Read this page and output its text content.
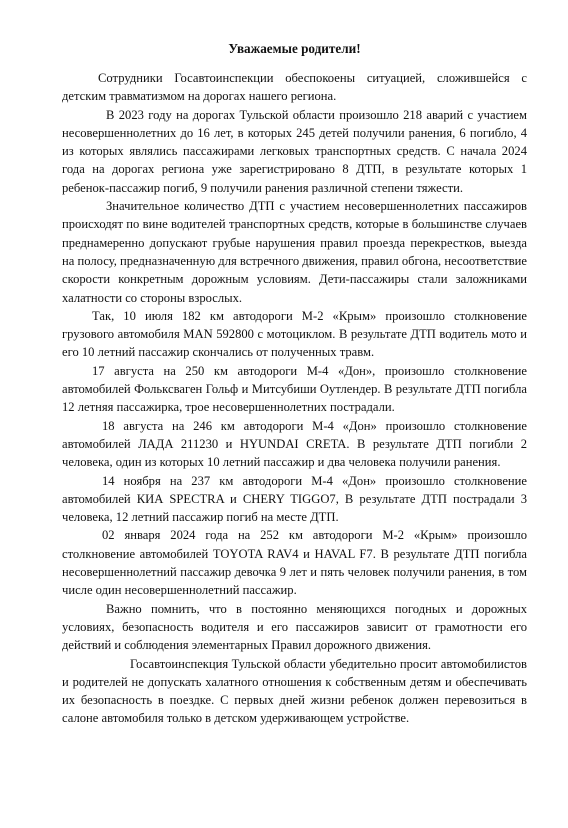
Уважаемые родители!

Сотрудники Госавтоинспекции обеспокоены ситуацией, сложившейся с детским травматизмом на дорогах нашего региона.

В 2023 году на дорогах Тульской области произошло 218 аварий с участием несовершеннолетних до 16 лет, в которых 245 детей получили ранения, 6 погибло, 4 из которых являлись пассажирами легковых транспортных средств. С начала 2024 года на дорогах региона уже зарегистрировано 8 ДТП, в результате которых 1 ребенок-пассажир погиб, 9 получили ранения различной степени тяжести.

Значительное количество ДТП с участием несовершеннолетних пассажиров происходят по вине водителей транспортных средств, которые в большинстве случаев преднамеренно допускают грубые нарушения правил проезда перекрестков, выезда на полосу, предназначенную для встречного движения, правил обгона, несоответствие скорости конкретным дорожным условиям. Дети-пассажиры стали заложниками халатности со стороны взрослых.

Так, 10 июля 182 км автодороги М-2 «Крым» произошло столкновение грузового автомобиля MAN 592800 с мотоциклом. В результате ДТП водитель мото и его 10 летний пассажир скончались от полученных травм.

17 августа на 250 км автодороги М-4 «Дон», произошло столкновение автомобилей Фольксваген Гольф и Митсубиши Оутлендер. В результате ДТП погибла 12 летняя пассажирка, трое несовершеннолетних пострадали.

18 августа на 246 км автодороги М-4 «Дон» произошло столкновение автомобилей ЛАДА 211230 и HYUNDAI CRETA. В результате ДТП погибли 2 человека, один из которых 10 летний пассажир и два человека получили ранения.

14 ноября на 237 км автодороги М-4 «Дон» произошло столкновение автомобилей КИА SPECTRA и CHERY TIGGO7, В результате ДТП пострадали 3 человека, 12 летний пассажир погиб на месте ДТП.

02 января 2024 года на 252 км автодороги М-2 «Крым» произошло столкновение автомобилей TOYOTA RAV4 и HAVAL F7. В результате ДТП погибла несовершеннолетний пассажир девочка 9 лет и пять человек получили ранения, в том числе один несовершеннолетний пассажир.

Важно помнить, что в постоянно меняющихся погодных и дорожных условиях, безопасность водителя и его пассажиров зависит от грамотности его действий и соблюдения элементарных Правил дорожного движения.

Госавтоинспекция Тульской области убедительно просит автомобилистов и родителей не допускать халатного отношения к собственным детям и обеспечивать их безопасность в поездке. С первых дней жизни ребенок должен перевозиться в салоне автомобиля только в детском удерживающем устройстве.
